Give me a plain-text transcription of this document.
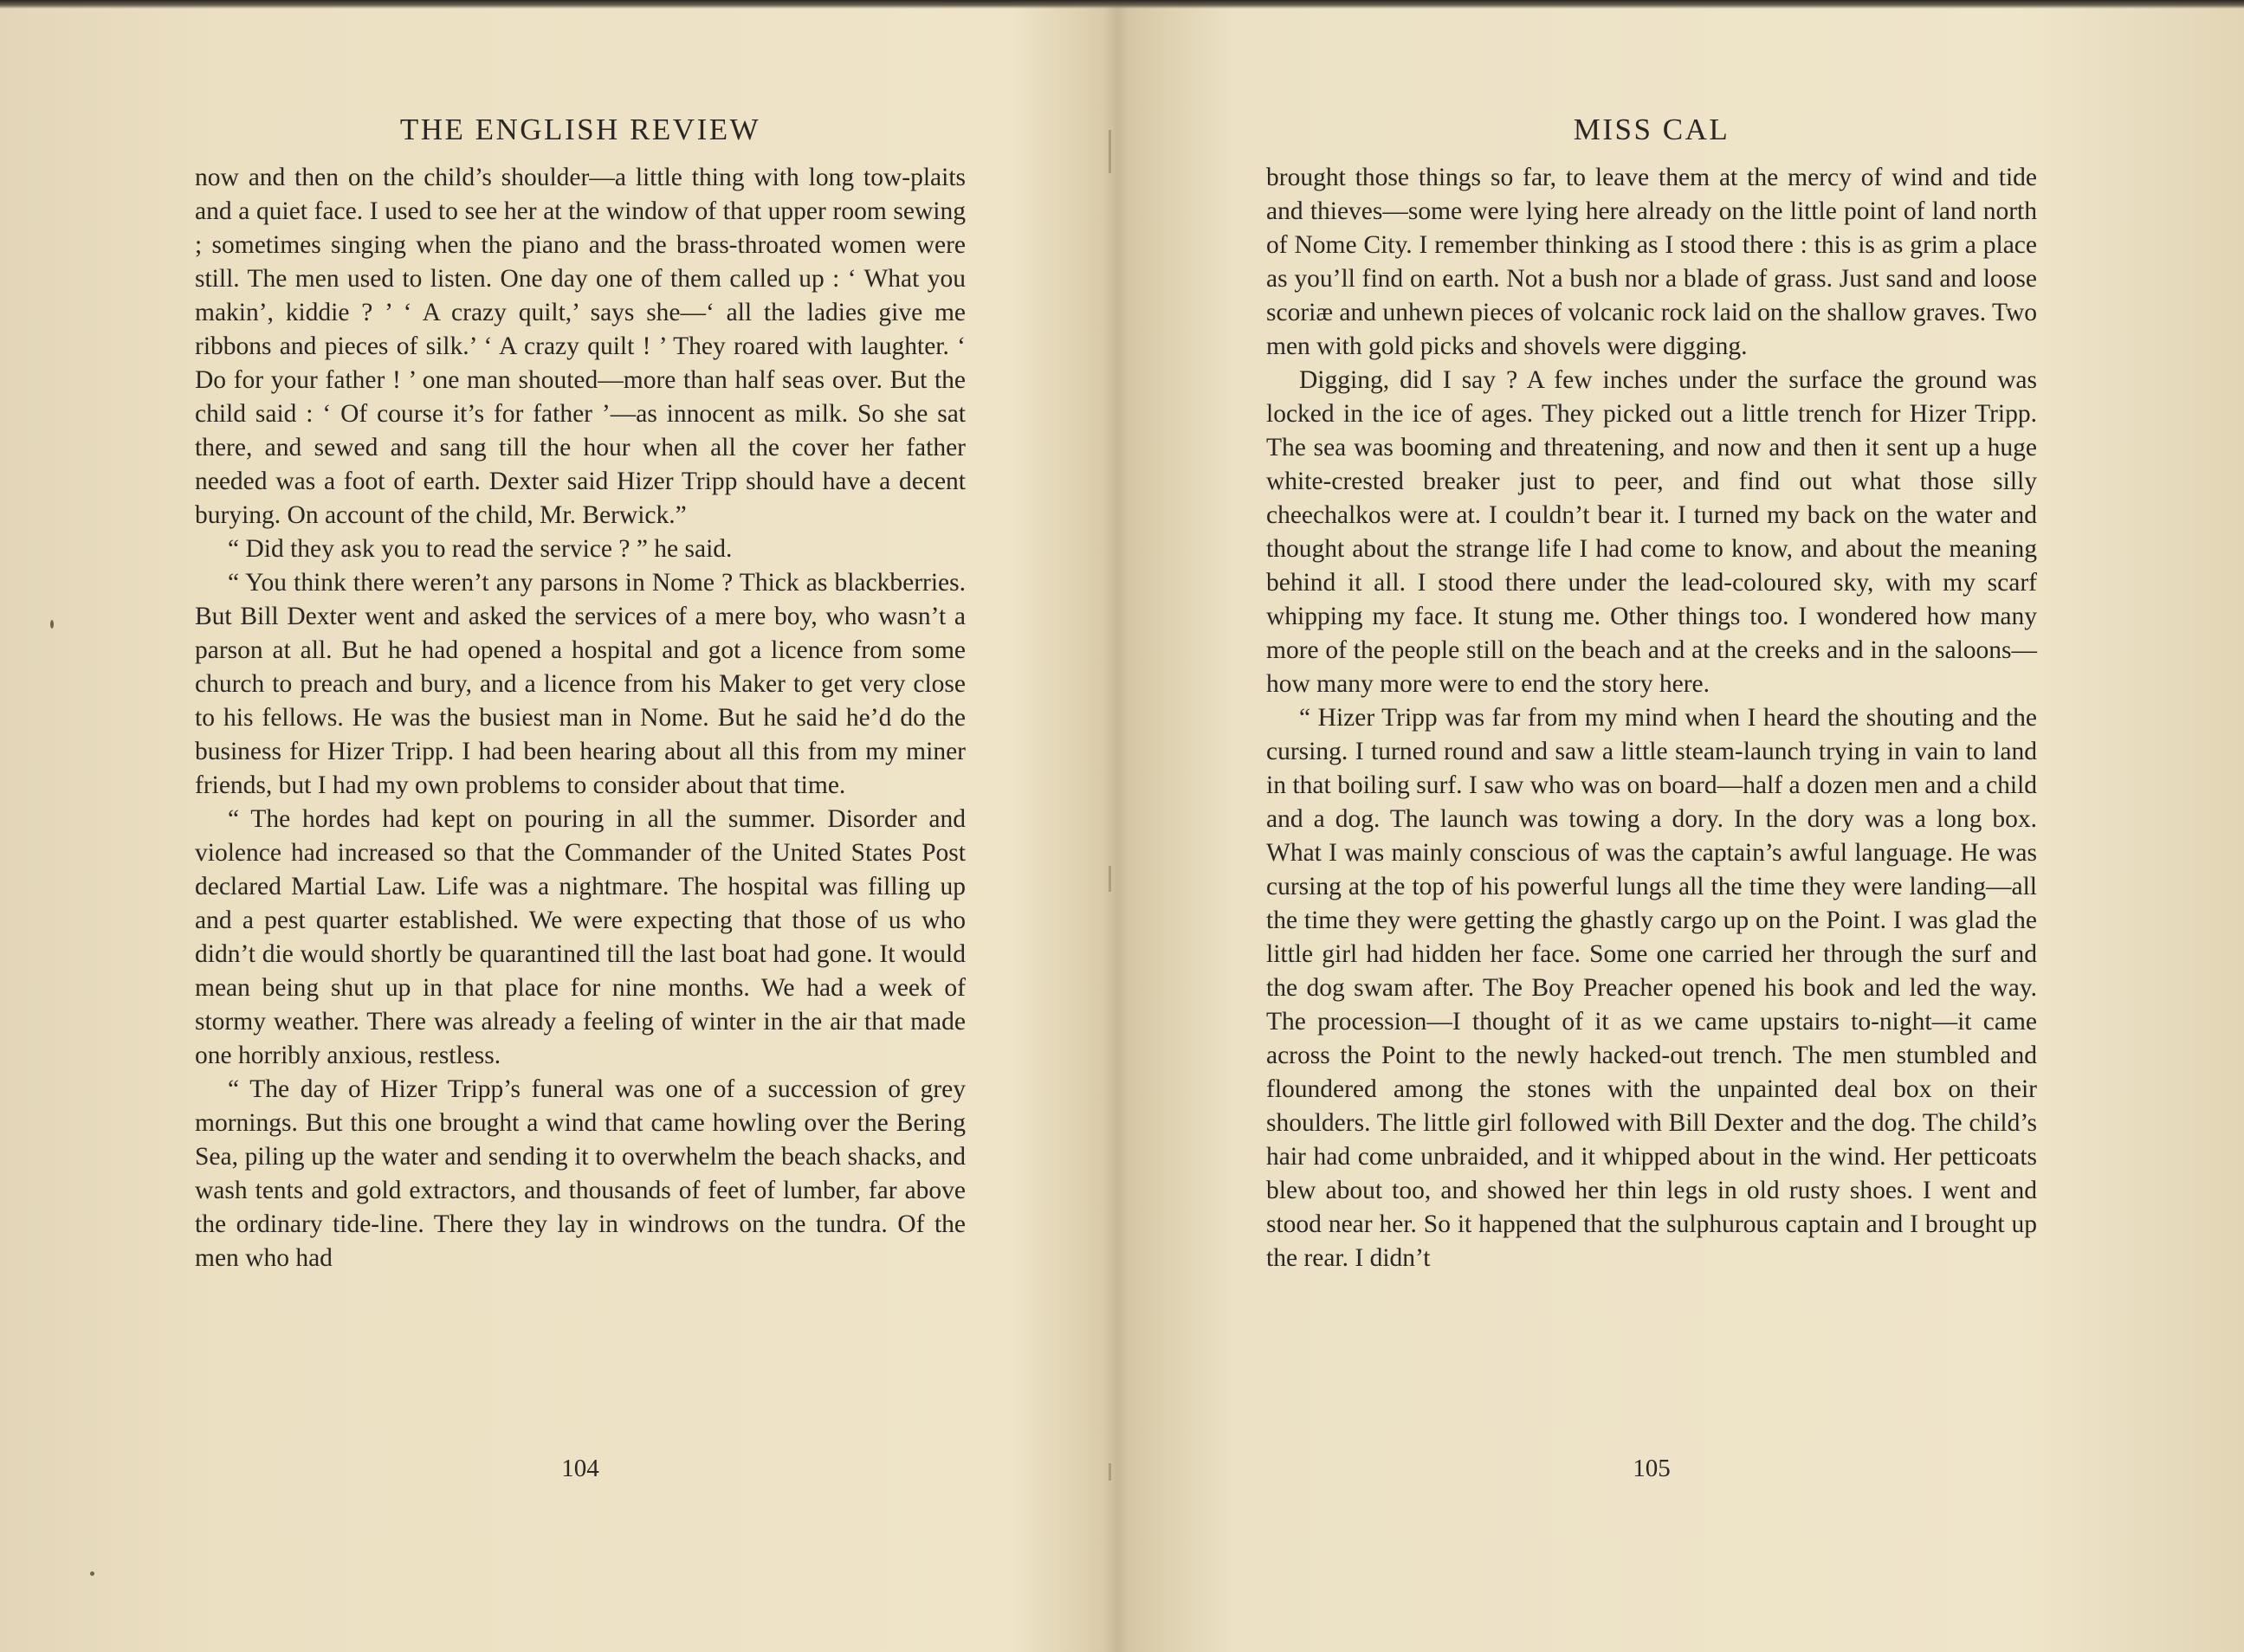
THE ENGLISH REVIEW

now and then on the child’s shoulder—a little thing with long tow-plaits and a quiet face. I used to see her at the window of that upper room sewing ; sometimes singing when the piano and the brass-throated women were still. The men used to listen. One day one of them called up : ‘ What you makin’, kiddie ? ’ ‘ A crazy quilt,’ says she—‘ all the ladies give me ribbons and pieces of silk.’ ‘ A crazy quilt ! ’ They roared with laughter. ‘ Do for your father ! ’ one man shouted—more than half seas over. But the child said : ‘ Of course it’s for father ’—as innocent as milk. So she sat there, and sewed and sang till the hour when all the cover her father needed was a foot of earth. Dexter said Hizer Tripp should have a decent burying. On account of the child, Mr. Berwick.”

“ Did they ask you to read the service ? ” he said.

“ You think there weren’t any parsons in Nome ? Thick as blackberries. But Bill Dexter went and asked the services of a mere boy, who wasn’t a parson at all. But he had opened a hospital and got a licence from some church to preach and bury, and a licence from his Maker to get very close to his fellows. He was the busiest man in Nome. But he said he’d do the business for Hizer Tripp. I had been hearing about all this from my miner friends, but I had my own problems to consider about that time.

“ The hordes had kept on pouring in all the summer. Disorder and violence had increased so that the Commander of the United States Post declared Martial Law. Life was a nightmare. The hospital was filling up and a pest quarter established. We were expecting that those of us who didn’t die would shortly be quarantined till the last boat had gone. It would mean being shut up in that place for nine months. We had a week of stormy weather. There was already a feeling of winter in the air that made one horribly anxious, restless.

“ The day of Hizer Tripp’s funeral was one of a succession of grey mornings. But this one brought a wind that came howling over the Bering Sea, piling up the water and sending it to overwhelm the beach shacks, and wash tents and gold extractors, and thousands of feet of lumber, far above the ordinary tide-line. There they lay in windrows on the tundra. Of the men who had

104
MISS CAL

brought those things so far, to leave them at the mercy of wind and tide and thieves—some were lying here already on the little point of land north of Nome City. I remember thinking as I stood there : this is as grim a place as you’ll find on earth. Not a bush nor a blade of grass. Just sand and loose scoriæ and unhewn pieces of volcanic rock laid on the shallow graves. Two men with gold picks and shovels were digging.

Digging, did I say ? A few inches under the surface the ground was locked in the ice of ages. They picked out a little trench for Hizer Tripp. The sea was booming and threatening, and now and then it sent up a huge white-crested breaker just to peer, and find out what those silly cheechalkos were at. I couldn’t bear it. I turned my back on the water and thought about the strange life I had come to know, and about the meaning behind it all. I stood there under the lead-coloured sky, with my scarf whipping my face. It stung me. Other things too. I wondered how many more of the people still on the beach and at the creeks and in the saloons—how many more were to end the story here.

“ Hizer Tripp was far from my mind when I heard the shouting and the cursing. I turned round and saw a little steam-launch trying in vain to land in that boiling surf. I saw who was on board—half a dozen men and a child and a dog. The launch was towing a dory. In the dory was a long box. What I was mainly conscious of was the captain’s awful language. He was cursing at the top of his powerful lungs all the time they were landing—all the time they were getting the ghastly cargo up on the Point. I was glad the little girl had hidden her face. Some one carried her through the surf and the dog swam after. The Boy Preacher opened his book and led the way. The procession—I thought of it as we came upstairs to-night—it came across the Point to the newly hacked-out trench. The men stumbled and floundered among the stones with the unpainted deal box on their shoulders. The little girl followed with Bill Dexter and the dog. The child’s hair had come unbraided, and it whipped about in the wind. Her petticoats blew about too, and showed her thin legs in old rusty shoes. I went and stood near her. So it happened that the sulphurous captain and I brought up the rear. I didn’t

105
